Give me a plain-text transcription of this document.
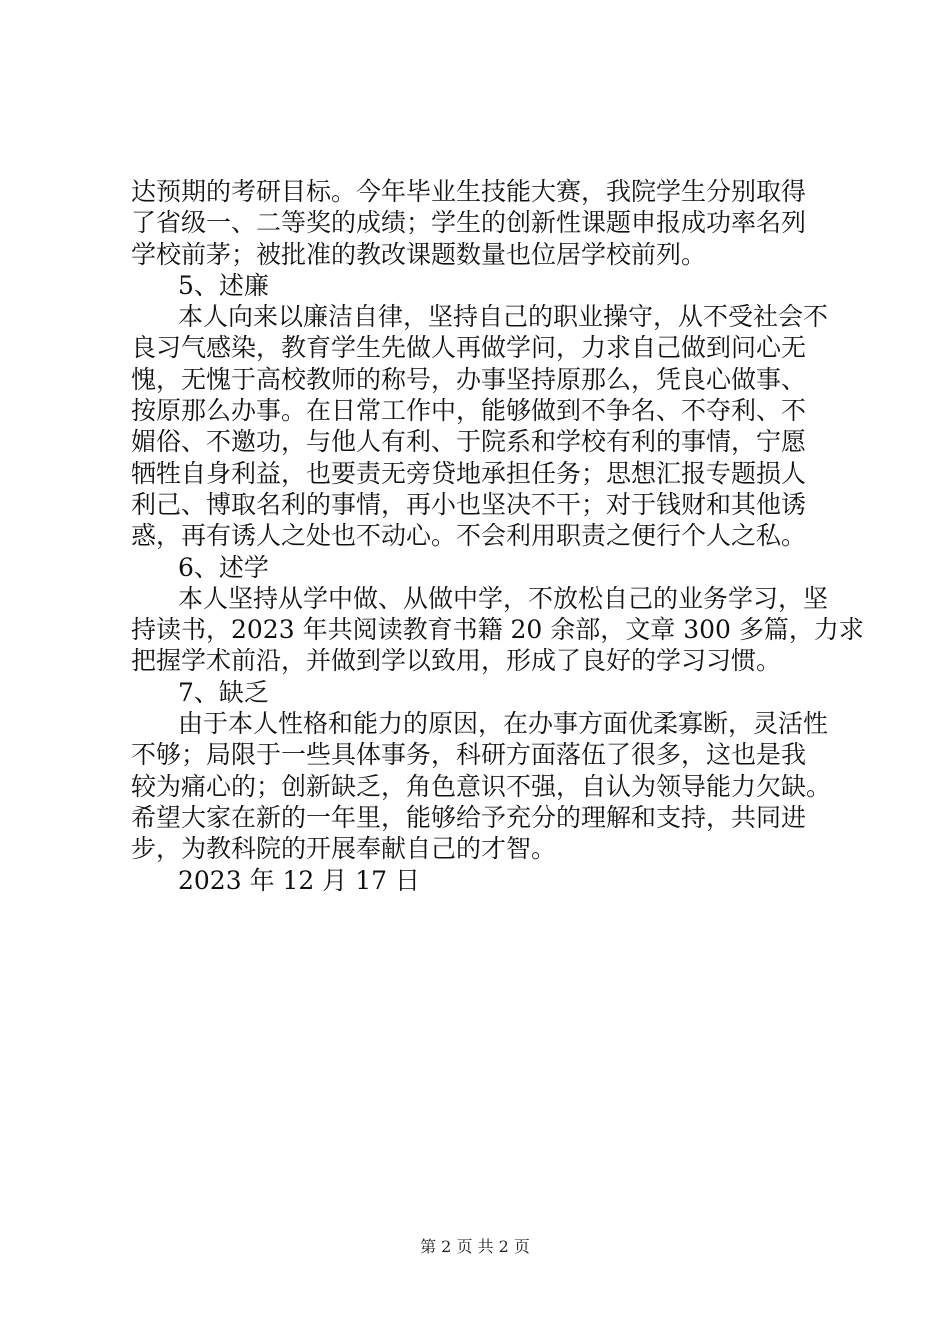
达预期的考研目标。今年毕业生技能大赛，我院学生分别取得
了省级一、二等奖的成绩；学生的创新性课题申报成功率名列
学校前茅；被批准的教改课题数量也位居学校前列。
5、述廉
本人向来以廉洁自律，坚持自己的职业操守，从不受社会不
良习气感染，教育学生先做人再做学问，力求自己做到问心无
愧，无愧于高校教师的称号，办事坚持原那么，凭良心做事、
按原那么办事。在日常工作中，能够做到不争名、不夺利、不
媚俗、不邀功，与他人有利、于院系和学校有利的事情，宁愿
牺牲自身利益，也要责无旁贷地承担任务；思想汇报专题损人
利己、博取名利的事情，再小也坚决不干；对于钱财和其他诱
惑，再有诱人之处也不动心。不会利用职责之便行个人之私。
6、述学
本人坚持从学中做、从做中学，不放松自己的业务学习，坚
持读书，2023 年共阅读教育书籍 20 余部，文章 300 多篇，力求
把握学术前沿，并做到学以致用，形成了良好的学习习惯。
7、缺乏
由于本人性格和能力的原因，在办事方面优柔寡断，灵活性
不够；局限于一些具体事务，科研方面落伍了很多，这也是我
较为痛心的；创新缺乏，角色意识不强，自认为领导能力欠缺。
希望大家在新的一年里，能够给予充分的理解和支持，共同进
步，为教科院的开展奉献自己的才智。
2023 年 12 月 17 日
第 2 页 共 2 页
